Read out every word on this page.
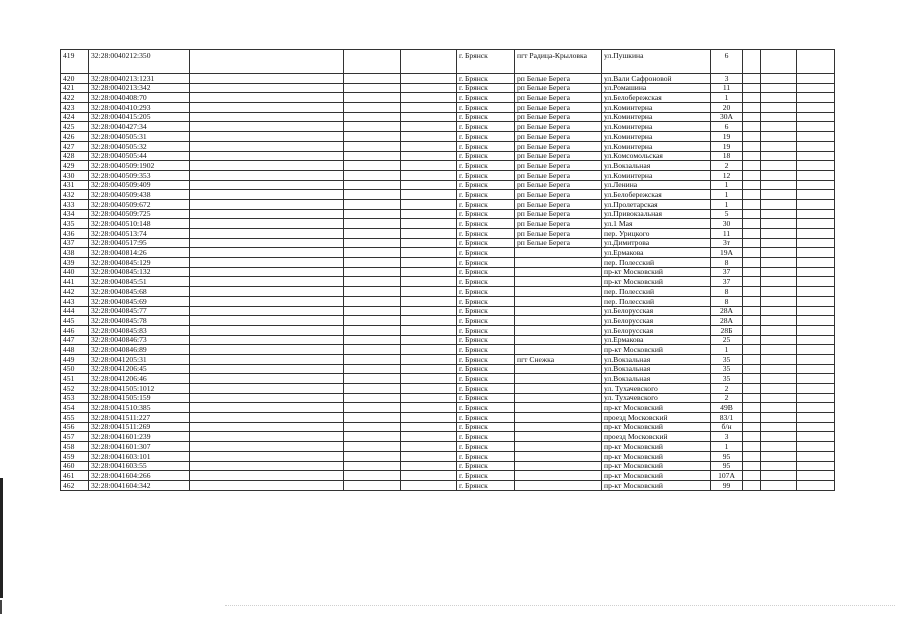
419	32:28:0040212:350				г. Брянск	пгт Радица-Крыловка	ул.Пушкина	6			
420	32:28:0040213:1231				г. Брянск	рп Белые Берега	ул.Вали Сафроновой	3			
421	32:28:0040213:342				г. Брянск	рп Белые Берега	ул.Ромашина	11			
422	32:28:0040408:70				г. Брянск	рп Белые Берега	ул.Белобережская	1			
423	32:28:0040410:293				г. Брянск	рп Белые Берега	ул.Коминтерна	20			
424	32:28:0040415:205				г. Брянск	рп Белые Берега	ул.Коминтерна	30А			
425	32:28:0040427:34				г. Брянск	рп Белые Берега	ул.Коминтерна	6			
426	32:28:0040505:31				г. Брянск	рп Белые Берега	ул.Коминтерна	19			
427	32:28:0040505:32				г. Брянск	рп Белые Берега	ул.Коминтерна	19			
428	32:28:0040505:44				г. Брянск	рп Белые Берега	ул.Комсомольская	18			
429	32:28:0040509:1902				г. Брянск	рп Белые Берега	ул.Вокзальная	2			
430	32:28:0040509:353				г. Брянск	рп Белые Берега	ул.Коминтерна	12			
431	32:28:0040509:409				г. Брянск	рп Белые Берега	ул.Ленина	1			
432	32:28:0040509:438				г. Брянск	рп Белые Берега	ул.Белобережская	1			
433	32:28:0040509:672				г. Брянск	рп Белые Берега	ул.Пролетарская	1			
434	32:28:0040509:725				г. Брянск	рп Белые Берега	ул.Привокзальная	5			
435	32:28:0040510:148				г. Брянск	рп Белые Берега	ул.1 Мая	30			
436	32:28:0040513:74				г. Брянск	рп Белые Берега	пер. Урицкого	11			
437	32:28:0040517:95				г. Брянск	рп Белые Берега	ул.Димитрова	3т			
438	32:28:0040814:26				г. Брянск		ул.Ермакова	19А			
439	32:28:0040845:129				г. Брянск		пер. Полесский	8			
440	32:28:0040845:132				г. Брянск		пр-кт Московский	37			
441	32:28:0040845:51				г. Брянск		пр-кт Московский	37			
442	32:28:0040845:68				г. Брянск		пер. Полесский	8			
443	32:28:0040845:69				г. Брянск		пер. Полесский	8			
444	32:28:0040845:77				г. Брянск		ул.Белорусская	28А			
445	32:28:0040845:78				г. Брянск		ул.Белорусская	28А			
446	32:28:0040845:83				г. Брянск		ул.Белорусская	28Б			
447	32:28:0040846:73				г. Брянск		ул.Ермакова	25			
448	32:28:0040846:89				г. Брянск		пр-кт Московский	1			
449	32:28:0041205:31				г. Брянск	пгт Снежка	ул.Вокзальная	35			
450	32:28:0041206:45				г. Брянск		ул.Вокзальная	35			
451	32:28:0041206:46				г. Брянск		ул.Вокзальная	35			
452	32:28:0041505:1012				г. Брянск		ул. Тухачевского	2			
453	32:28:0041505:159				г. Брянск		ул. Тухачевского	2			
454	32:28:0041510:385				г. Брянск		пр-кт Московский	49В			
455	32:28:0041511:227				г. Брянск		проезд Московский	83/1			
456	32:28:0041511:269				г. Брянск		пр-кт Московский	б/н			
457	32:28:0041601:239				г. Брянск		проезд Московский	3			
458	32:28:0041601:307				г. Брянск		пр-кт Московский	1			
459	32:28:0041603:101				г. Брянск		пр-кт Московский	95			
460	32:28:0041603:55				г. Брянск		пр-кт Московский	95			
461	32:28:0041604:266				г. Брянск		пр-кт Московский	107А			
462	32:28:0041604:342				г. Брянск		пр-кт Московский	99			
